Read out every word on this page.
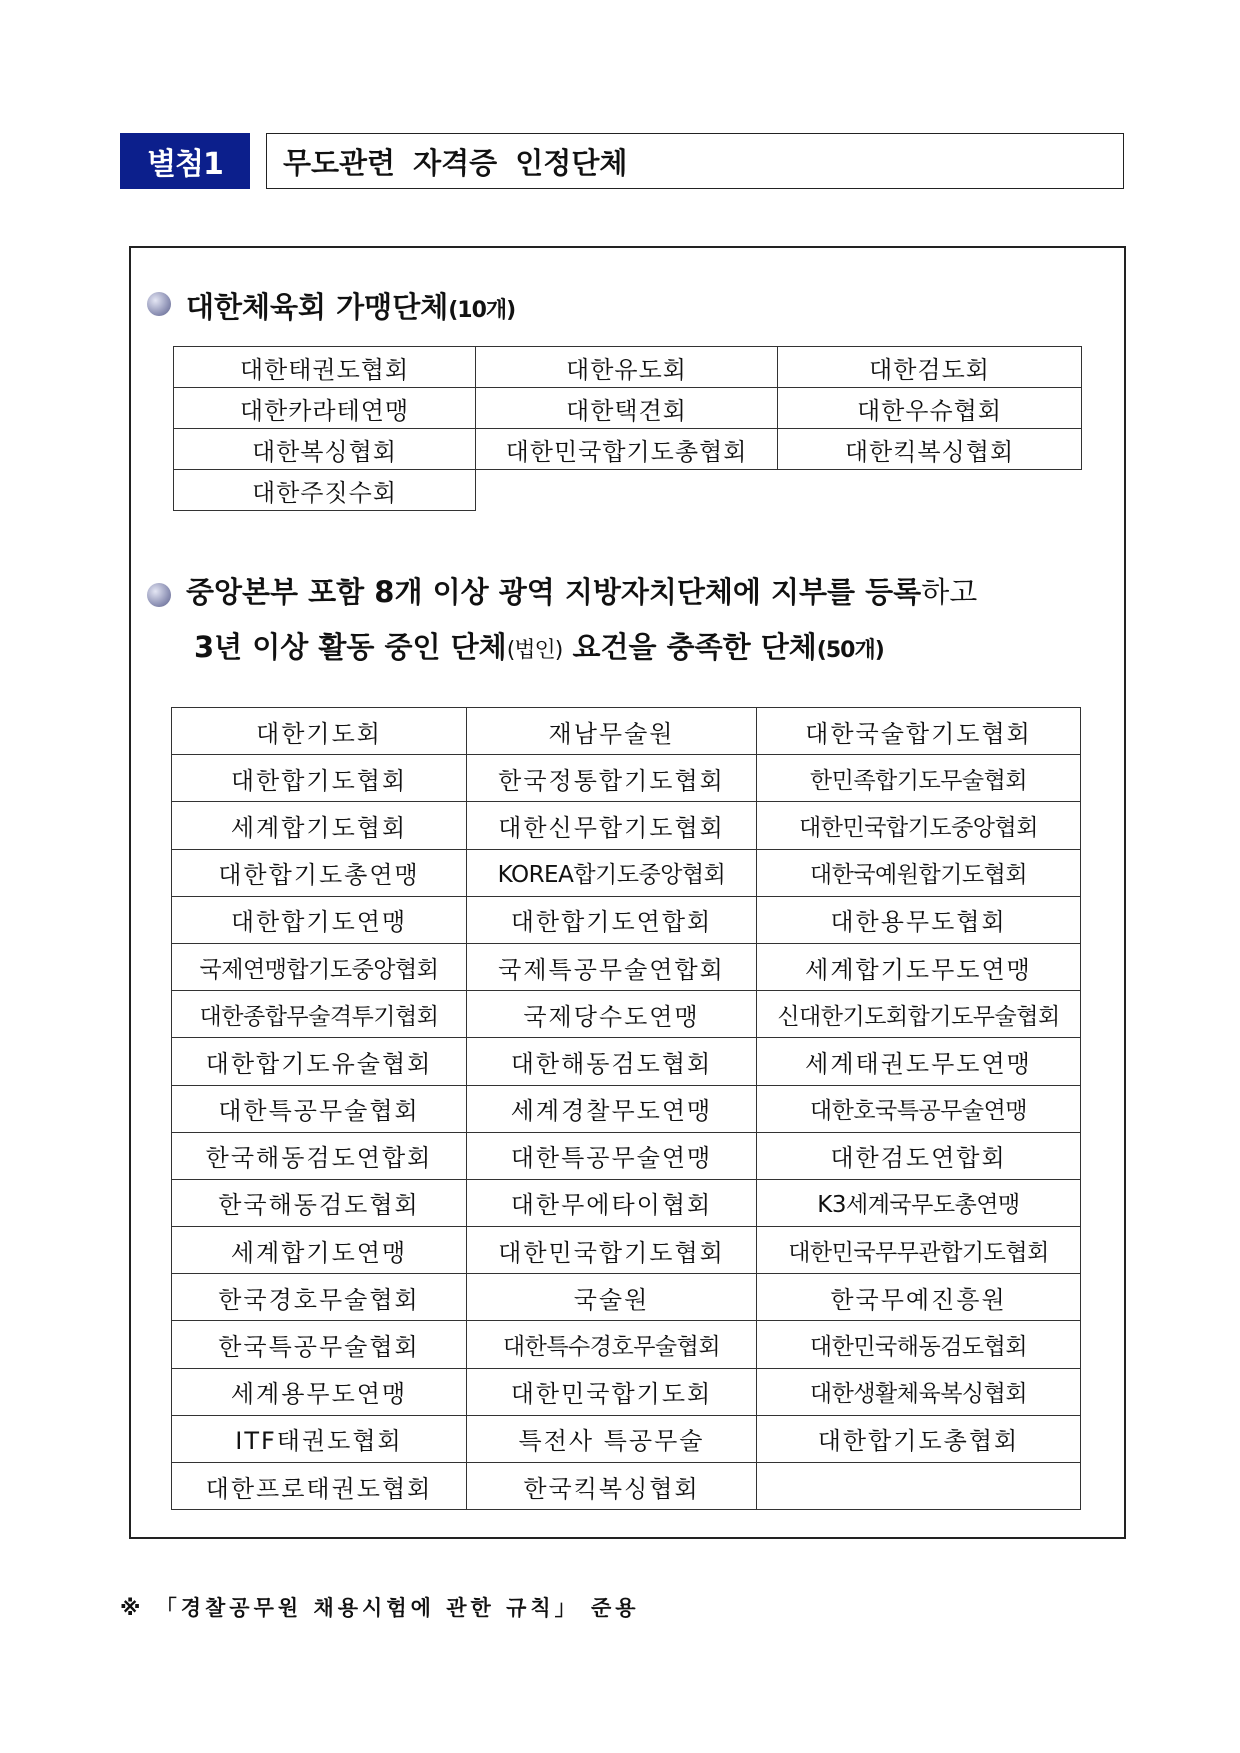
별첨1	무도관련 자격증 인정단체
대한체육회 가맹단체(10개)
대한태권도협회	대한유도회	대한검도회
대한카라테연맹	대한택견회	대한우슈협회
대한복싱협회	대한민국합기도총협회	대한킥복싱협회
대한주짓수회		
중앙본부 포함 8개 이상 광역 지방자치단체에 지부를 등록하고
3년 이상 활동 중인 단체(법인) 요건을 충족한 단체(50개)
대한기도회	재남무술원	대한국술합기도협회
대한합기도협회	한국정통합기도협회	한민족합기도무술협회
세계합기도협회	대한신무합기도협회	대한민국합기도중앙협회
대한합기도총연맹	KOREA합기도중앙협회	대한국예원합기도협회
대한합기도연맹	대한합기도연합회	대한용무도협회
국제연맹합기도중앙협회	국제특공무술연합회	세계합기도무도연맹
대한종합무술격투기협회	국제당수도연맹	신대한기도회합기도무술협회
대한합기도유술협회	대한해동검도협회	세계태권도무도연맹
대한특공무술협회	세계경찰무도연맹	대한호국특공무술연맹
한국해동검도연합회	대한특공무술연맹	대한검도연합회
한국해동검도협회	대한무에타이협회	K3세계국무도총연맹
세계합기도연맹	대한민국합기도협회	대한민국무무관합기도협회
한국경호무술협회	국술원	한국무예진흥원
한국특공무술협회	대한특수경호무술협회	대한민국해동검도협회
세계용무도연맹	대한민국합기도회	대한생활체육복싱협회
ITF태권도협회	특전사 특공무술	대한합기도총협회
대한프로태권도협회	한국킥복싱협회	
※ 「경찰공무원 채용시험에 관한 규칙」 준용
